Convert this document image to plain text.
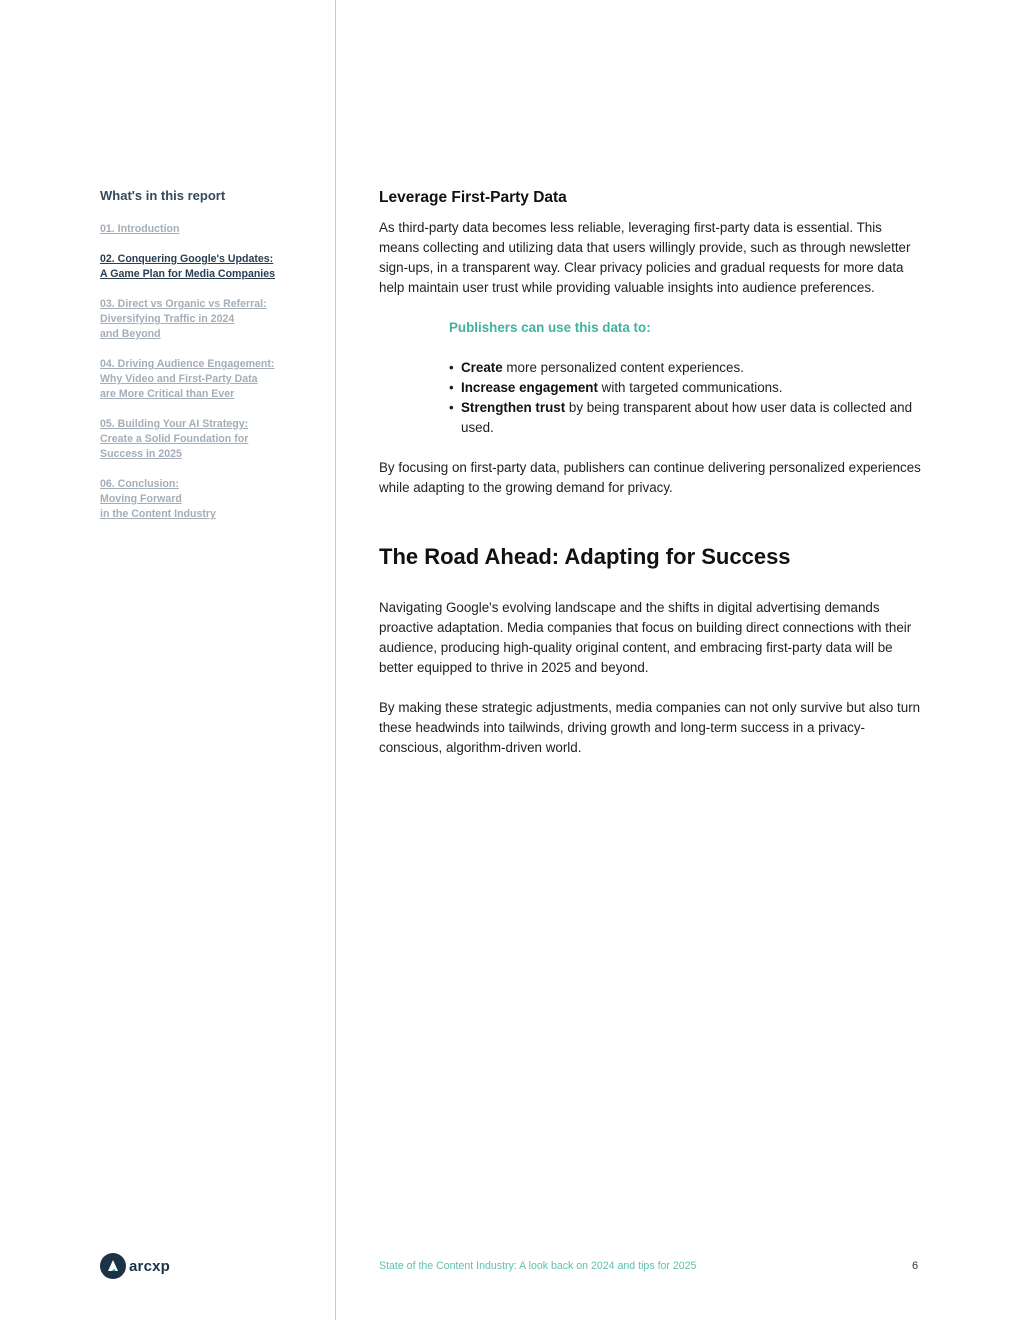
What's in this report
01. Introduction
02. Conquering Google's Updates:
A Game Plan for Media Companies
03. Direct vs Organic vs Referral:
Diversifying Traffic in 2024
and Beyond
04. Driving Audience Engagement:
Why Video and First-Party Data
are More Critical than Ever
05. Building Your AI Strategy:
Create a Solid Foundation for
Success in 2025
06. Conclusion:
Moving Forward
in the Content Industry
Leverage First-Party Data

As third-party data becomes less reliable, leveraging first-party data is essential. This means collecting and utilizing data that users willingly provide, such as through newsletter sign-ups, in a transparent way. Clear privacy policies and gradual requests for more data help maintain user trust while providing valuable insights into audience preferences.

Publishers can use this data to:
• Create more personalized content experiences.
• Increase engagement with targeted communications.
• Strengthen trust by being transparent about how user data is collected and used.

By focusing on first-party data, publishers can continue delivering personalized experiences while adapting to the growing demand for privacy.

The Road Ahead: Adapting for Success

Navigating Google's evolving landscape and the shifts in digital advertising demands proactive adaptation. Media companies that focus on building direct connections with their audience, producing high-quality original content, and embracing first-party data will be better equipped to thrive in 2025 and beyond.

By making these strategic adjustments, media companies can not only survive but also turn these headwinds into tailwinds, driving growth and long-term success in a privacy-conscious, algorithm-driven world.

arcxp	State of the Content Industry: A look back on 2024 and tips for 2025	6
